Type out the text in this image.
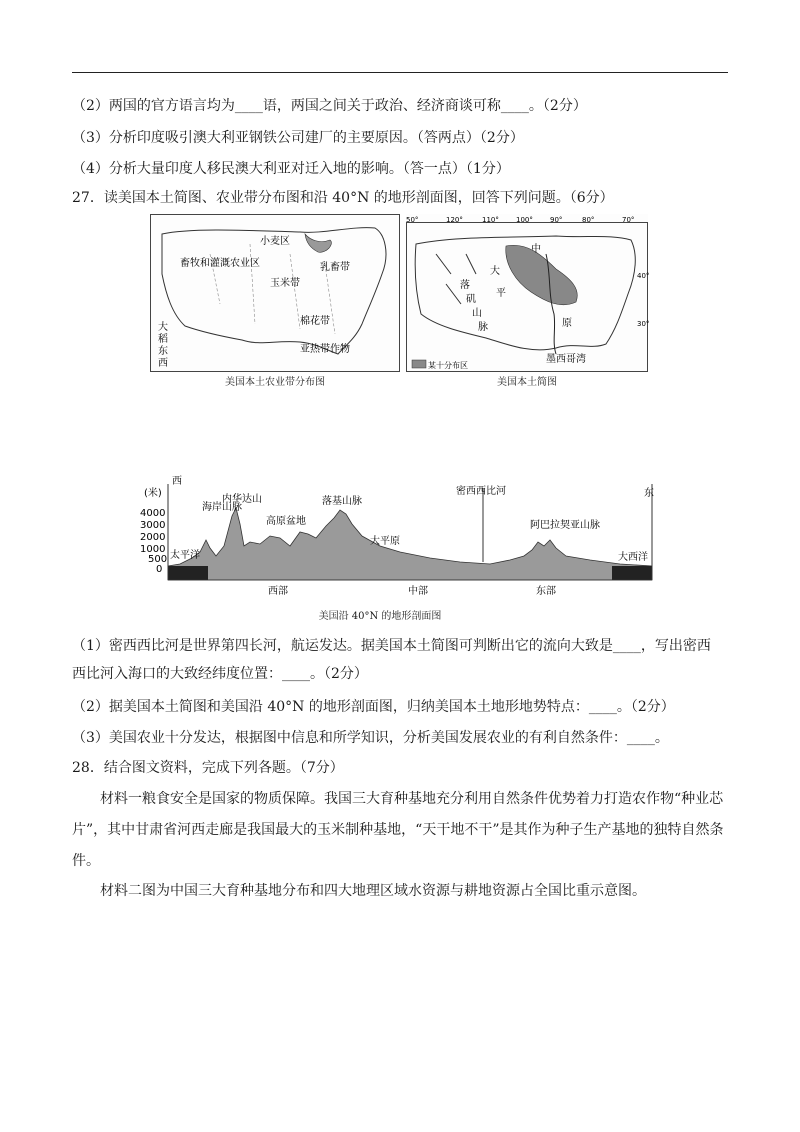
（2）两国的官方语言均为____语，两国之间关于政治、经济商谈可称____。（2分）
（3）分析印度吸引澳大利亚钢铁公司建厂的主要原因。（答两点）（2分）
（4）分析大量印度人移民澳大利亚对迁入地的影响。（答一点）（1分）
27．读美国本土简图、农业带分布图和沿 40°N 的地形剖面图，回答下列问题。（6分）
畜牧和灌溉农业区
小麦区
乳畜带
玉米带
棉花带
亚热带作物
大
稻
东
西
美国本土农业带分布图
50°	120°	110° 100° 90°	80°	70°
40°
30°
中
大
平
原
落
矶
山
脉
墨西哥湾
某十分布区
美国本土简图
西
东
(米)
4000
3000
2000
1000
500
0
太平洋
海岸山脉
内华达山
高原盆地
落基山脉
大平原
密西西比河
阿巴拉契亚山脉
大西洋
西部	中部	东部
美国沿 40°N 的地形剖面图
（1）密西西比河是世界第四长河，航运发达。据美国本土简图可判断出它的流向大致是____，写出密西
西比河入海口的大致经纬度位置：____。（2分）
（2）据美国本土简图和美国沿 40°N 的地形剖面图，归纳美国本土地形地势特点：____。（2分）
（3）美国农业十分发达，根据图中信息和所学知识，分析美国发展农业的有利自然条件：____。
28．结合图文资料，完成下列各题。（7分）
材料一粮食安全是国家的物质保障。我国三大育种基地充分利用自然条件优势着力打造农作物“种业芯片”，其中甘肃省河西走廊是我国最大的玉米制种基地，“天干地不干”是其作为种子生产基地的独特自然条件。
材料二图为中国三大育种基地分布和四大地理区域水资源与耕地资源占全国比重示意图。
